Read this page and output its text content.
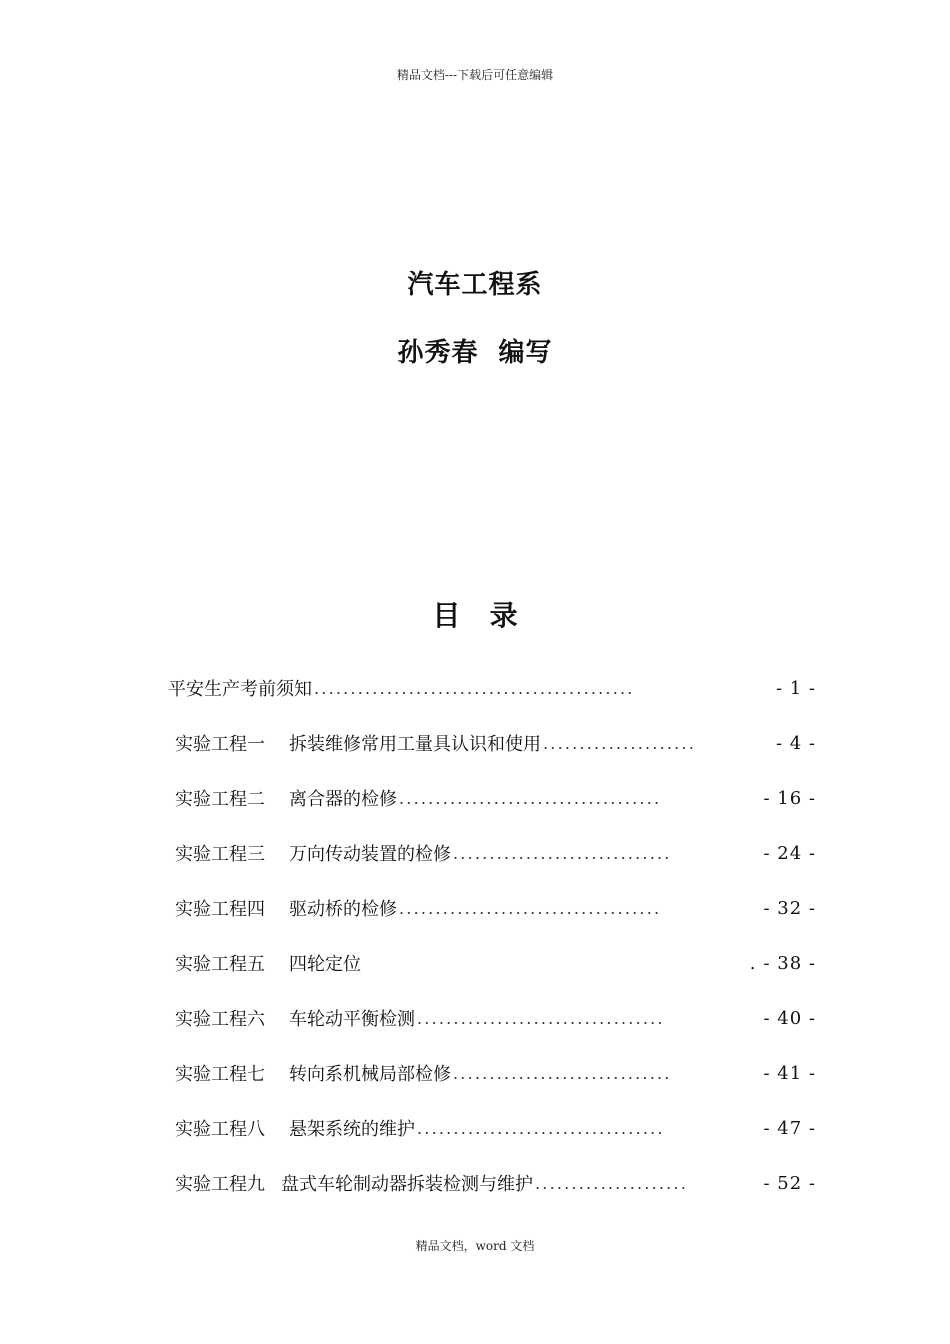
精品文档---下载后可任意编辑
汽车工程系
孙秀春  编写
目   录
平安生产考前须知 ............................................	- 1 -
实验工程一	拆装维修常用工量具认识和使用 .....................	- 4 -
实验工程二	离合器的检修 ....................................	- 16 -
实验工程三	万向传动装置的检修 ..............................	- 24 -
实验工程四	驱动桥的检修 ....................................	- 32 -
实验工程五	四轮定位	. - 38 -
实验工程六	车轮动平衡检测 ..................................	- 40 -
实验工程七	转向系机械局部检修 ..............................	- 41 -
实验工程八	悬架系统的维护 ..................................	- 47 -
实验工程九 盘式车轮制动器拆装检测与维护 .....................	- 52 -
精品文档，word 文档
